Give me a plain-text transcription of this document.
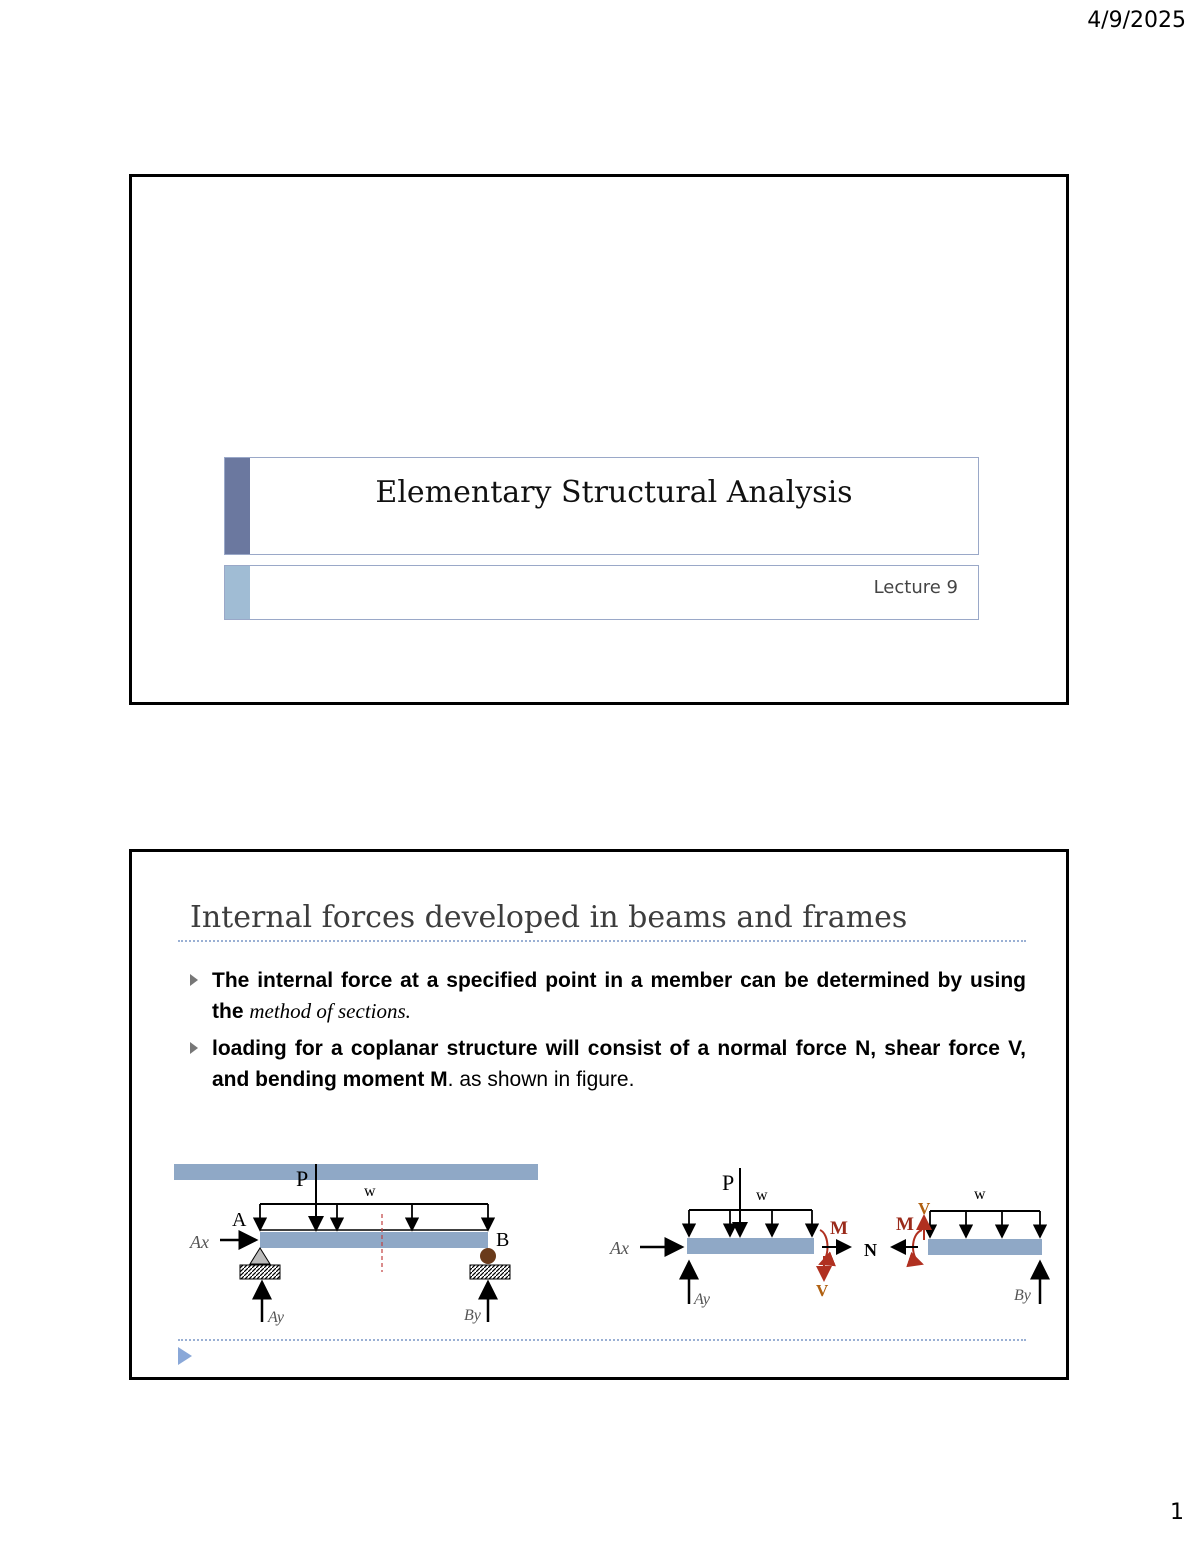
4/9/2025
Elementary Structural Analysis
Lecture 9
Internal forces developed in beams and frames
The internal force at a specified point in a member can be determined by using the method of sections.
loading for a coplanar structure will consist of a normal force N, shear force V, and bending moment M. as shown in figure.
P
w
A
B
Ax
Ay	By
P
w
Ax
Ay
M
V
N
M
V
w
By
1
